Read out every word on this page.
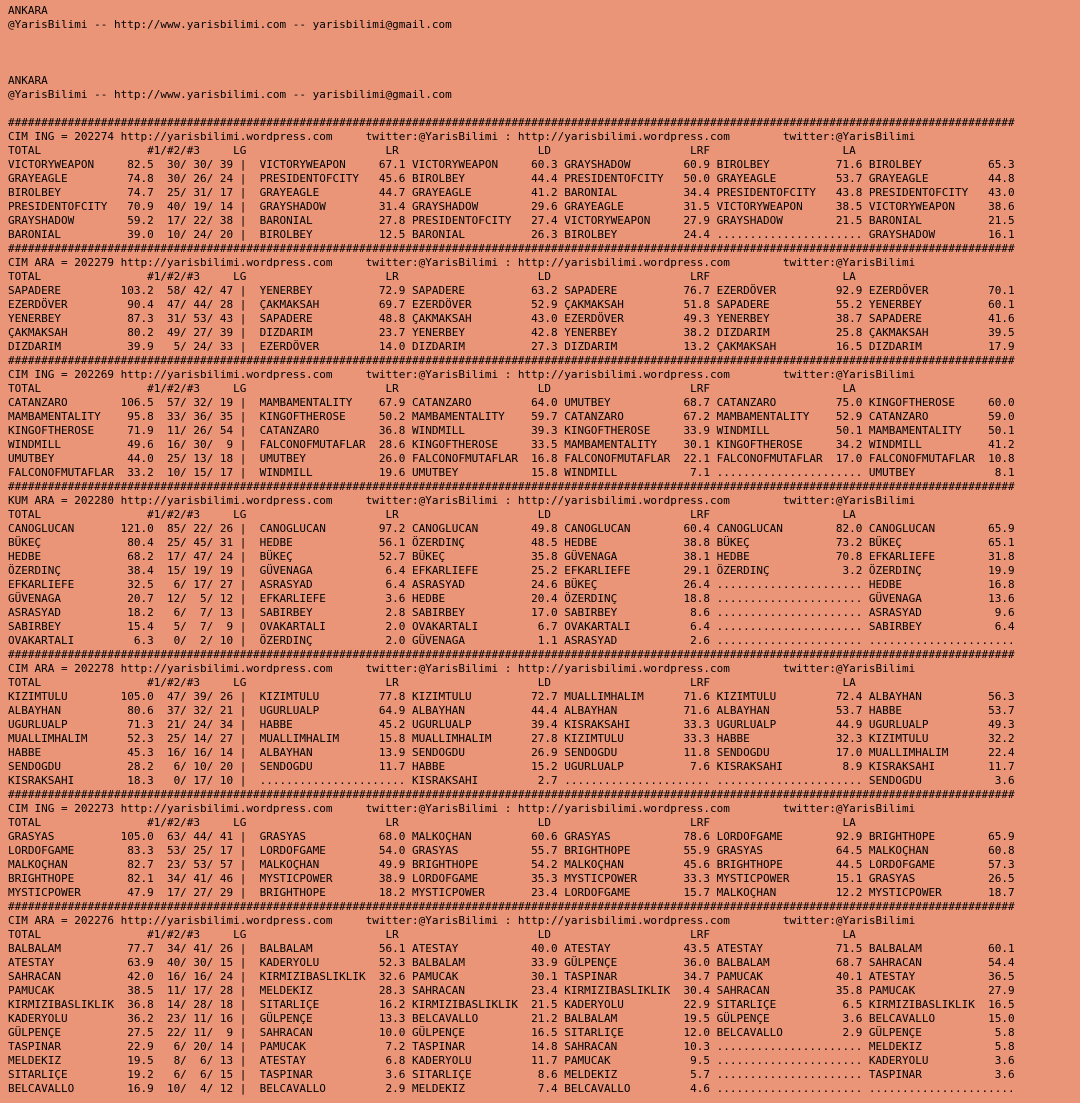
ANKARA
@YarisBilimi -- http://www.yarisbilimi.com -- yarisbilimi@gmail.com
ANKARA
@YarisBilimi -- http://www.yarisbilimi.com -- yarisbilimi@gmail.com
########################################################################################################################################################
CIM ING = 202274 http://yarisbilimi.wordpress.com     twitter:@YarisBilimi : http://yarisbilimi.wordpress.com        twitter:@YarisBilimi
TOTAL                #1/#2/#3     LG                     LR                     LD                     LRF                    LA
VICTORYWEAPON     82.5  30/ 30/ 39 |  VICTORYWEAPON     67.1 VICTORYWEAPON     60.3 GRAYSHADOW        60.9 BIROLBEY          71.6 BIROLBEY          65.3
GRAYEAGLE         74.8  30/ 26/ 24 |  PRESIDENTOFCITY   45.6 BIROLBEY          44.4 PRESIDENTOFCITY   50.0 GRAYEAGLE         53.7 GRAYEAGLE         44.8
BIROLBEY          74.7  25/ 31/ 17 |  GRAYEAGLE         44.7 GRAYEAGLE         41.2 BARONIAL          34.4 PRESIDENTOFCITY   43.8 PRESIDENTOFCITY   43.0
PRESIDENTOFCITY   70.9  40/ 19/ 14 |  GRAYSHADOW        31.4 GRAYSHADOW        29.6 GRAYEAGLE         31.5 VICTORYWEAPON     38.5 VICTORYWEAPON     38.6
GRAYSHADOW        59.2  17/ 22/ 38 |  BARONIAL          27.8 PRESIDENTOFCITY   27.4 VICTORYWEAPON     27.9 GRAYSHADOW        21.5 BARONIAL          21.5
BARONIAL          39.0  10/ 24/ 20 |  BIROLBEY          12.5 BARONIAL          26.3 BIROLBEY          24.4 ...................... GRAYSHADOW        16.1
########################################################################################################################################################
CIM ARA = 202279 http://yarisbilimi.wordpress.com     twitter:@YarisBilimi : http://yarisbilimi.wordpress.com        twitter:@YarisBilimi
TOTAL                #1/#2/#3     LG                     LR                     LD                     LRF                    LA
SAPADERE         103.2  58/ 42/ 47 |  YENERBEY          72.9 SAPADERE          63.2 SAPADERE          76.7 EZERDÖVER         92.9 EZERDÖVER         70.1
EZERDÖVER         90.4  47/ 44/ 28 |  ÇAKMAKSAH         69.7 EZERDÖVER         52.9 ÇAKMAKSAH         51.8 SAPADERE          55.2 YENERBEY          60.1
YENERBEY          87.3  31/ 53/ 43 |  SAPADERE          48.8 ÇAKMAKSAH         43.0 EZERDÖVER         49.3 YENERBEY          38.7 SAPADERE          41.6
ÇAKMAKSAH         80.2  49/ 27/ 39 |  DIZDARIM          23.7 YENERBEY          42.8 YENERBEY          38.2 DIZDARIM          25.8 ÇAKMAKSAH         39.5
DIZDARIM          39.9   5/ 24/ 33 |  EZERDÖVER         14.0 DIZDARIM          27.3 DIZDARIM          13.2 ÇAKMAKSAH         16.5 DIZDARIM          17.9
########################################################################################################################################################
CIM ING = 202269 http://yarisbilimi.wordpress.com     twitter:@YarisBilimi : http://yarisbilimi.wordpress.com        twitter:@YarisBilimi
TOTAL                #1/#2/#3     LG                     LR                     LD                     LRF                    LA
CATANZARO        106.5  57/ 32/ 19 |  MAMBAMENTALITY    67.9 CATANZARO         64.0 UMUTBEY           68.7 CATANZARO         75.0 KINGOFTHEROSE     60.0
MAMBAMENTALITY    95.8  33/ 36/ 35 |  KINGOFTHEROSE     50.2 MAMBAMENTALITY    59.7 CATANZARO         67.2 MAMBAMENTALITY    52.9 CATANZARO         59.0
KINGOFTHEROSE     71.9  11/ 26/ 54 |  CATANZARO         36.8 WINDMILL          39.3 KINGOFTHEROSE     33.9 WINDMILL          50.1 MAMBAMENTALITY    50.1
WINDMILL          49.6  16/ 30/  9 |  FALCONOFMUTAFLAR  28.6 KINGOFTHEROSE     33.5 MAMBAMENTALITY    30.1 KINGOFTHEROSE     34.2 WINDMILL          41.2
UMUTBEY           44.0  25/ 13/ 18 |  UMUTBEY           26.0 FALCONOFMUTAFLAR  16.8 FALCONOFMUTAFLAR  22.1 FALCONOFMUTAFLAR  17.0 FALCONOFMUTAFLAR  10.8
FALCONOFMUTAFLAR  33.2  10/ 15/ 17 |  WINDMILL          19.6 UMUTBEY           15.8 WINDMILL           7.1 ...................... UMUTBEY            8.1
########################################################################################################################################################
KUM ARA = 202280 http://yarisbilimi.wordpress.com     twitter:@YarisBilimi : http://yarisbilimi.wordpress.com        twitter:@YarisBilimi
TOTAL                #1/#2/#3     LG                     LR                     LD                     LRF                    LA
CANOGLUCAN       121.0  85/ 22/ 26 |  CANOGLUCAN        97.2 CANOGLUCAN        49.8 CANOGLUCAN        60.4 CANOGLUCAN        82.0 CANOGLUCAN        65.9
BÜKEÇ             80.4  25/ 45/ 31 |  HEDBE             56.1 ÖZERDINÇ          48.5 HEDBE             38.8 BÜKEÇ             73.2 BÜKEÇ             65.1
HEDBE             68.2  17/ 47/ 24 |  BÜKEÇ             52.7 BÜKEÇ             35.8 GÜVENAGA          38.1 HEDBE             70.8 EFKARLIEFE        31.8
ÖZERDINÇ          38.4  15/ 19/ 19 |  GÜVENAGA           6.4 EFKARLIEFE        25.2 EFKARLIEFE        29.1 ÖZERDINÇ           3.2 ÖZERDINÇ          19.9
EFKARLIEFE        32.5   6/ 17/ 27 |  ASRASYAD           6.4 ASRASYAD          24.6 BÜKEÇ             26.4 ...................... HEDBE             16.8
GÜVENAGA          20.7  12/  5/ 12 |  EFKARLIEFE         3.6 HEDBE             20.4 ÖZERDINÇ          18.8 ...................... GÜVENAGA          13.6
ASRASYAD          18.2   6/  7/ 13 |  SABIRBEY           2.8 SABIRBEY          17.0 SABIRBEY           8.6 ...................... ASRASYAD           9.6
SABIRBEY          15.4   5/  7/  9 |  OVAKARTALI         2.0 OVAKARTALI         6.7 OVAKARTALI         6.4 ...................... SABIRBEY           6.4
OVAKARTALI         6.3   0/  2/ 10 |  ÖZERDINÇ           2.0 GÜVENAGA           1.1 ASRASYAD           2.6 ...................... ......................
########################################################################################################################################################
CIM ARA = 202278 http://yarisbilimi.wordpress.com     twitter:@YarisBilimi : http://yarisbilimi.wordpress.com        twitter:@YarisBilimi
TOTAL                #1/#2/#3     LG                     LR                     LD                     LRF                    LA
KIZIMTULU        105.0  47/ 39/ 26 |  KIZIMTULU         77.8 KIZIMTULU         72.7 MUALLIMHALIM      71.6 KIZIMTULU         72.4 ALBAYHAN          56.3
ALBAYHAN          80.6  37/ 32/ 21 |  UGURLUALP         64.9 ALBAYHAN          44.4 ALBAYHAN          71.6 ALBAYHAN          53.7 HABBE             53.7
UGURLUALP         71.3  21/ 24/ 34 |  HABBE             45.2 UGURLUALP         39.4 KISRAKSAHI        33.3 UGURLUALP         44.9 UGURLUALP         49.3
MUALLIMHALIM      52.3  25/ 14/ 27 |  MUALLIMHALIM      15.8 MUALLIMHALIM      27.8 KIZIMTULU         33.3 HABBE             32.3 KIZIMTULU         32.2
HABBE             45.3  16/ 16/ 14 |  ALBAYHAN          13.9 SENDOGDU          26.9 SENDOGDU          11.8 SENDOGDU          17.0 MUALLIMHALIM      22.4
SENDOGDU          28.2   6/ 10/ 20 |  SENDOGDU          11.7 HABBE             15.2 UGURLUALP          7.6 KISRAKSAHI         8.9 KISRAKSAHI        11.7
KISRAKSAHI        18.3   0/ 17/ 10 |  ...................... KISRAKSAHI         2.7 ...................... ...................... SENDOGDU           3.6
########################################################################################################################################################
CIM ING = 202273 http://yarisbilimi.wordpress.com     twitter:@YarisBilimi : http://yarisbilimi.wordpress.com        twitter:@YarisBilimi
TOTAL                #1/#2/#3     LG                     LR                     LD                     LRF                    LA
GRASYAS          105.0  63/ 44/ 41 |  GRASYAS           68.0 MALKOÇHAN         60.6 GRASYAS           78.6 LORDOFGAME        92.9 BRIGHTHOPE        65.9
LORDOFGAME        83.3  53/ 25/ 17 |  LORDOFGAME        54.0 GRASYAS           55.7 BRIGHTHOPE        55.9 GRASYAS           64.5 MALKOÇHAN         60.8
MALKOÇHAN         82.7  23/ 53/ 57 |  MALKOÇHAN         49.9 BRIGHTHOPE        54.2 MALKOÇHAN         45.6 BRIGHTHOPE        44.5 LORDOFGAME        57.3
BRIGHTHOPE        82.1  34/ 41/ 46 |  MYSTICPOWER       38.9 LORDOFGAME        35.3 MYSTICPOWER       33.3 MYSTICPOWER       15.1 GRASYAS           26.5
MYSTICPOWER       47.9  17/ 27/ 29 |  BRIGHTHOPE        18.2 MYSTICPOWER       23.4 LORDOFGAME        15.7 MALKOÇHAN         12.2 MYSTICPOWER       18.7
########################################################################################################################################################
CIM ARA = 202276 http://yarisbilimi.wordpress.com     twitter:@YarisBilimi : http://yarisbilimi.wordpress.com        twitter:@YarisBilimi
TOTAL                #1/#2/#3     LG                     LR                     LD                     LRF                    LA
BALBALAM          77.7  34/ 41/ 26 |  BALBALAM          56.1 ATESTAY           40.0 ATESTAY           43.5 ATESTAY           71.5 BALBALAM          60.1
ATESTAY           63.9  40/ 30/ 15 |  KADERYOLU         52.3 BALBALAM          33.9 GÜLPENÇE          36.0 BALBALAM          68.7 SAHRACAN          54.4
SAHRACAN          42.0  16/ 16/ 24 |  KIRMIZIBASLIKLIK  32.6 PAMUCAK           30.1 TASPINAR          34.7 PAMUCAK           40.1 ATESTAY           36.5
PAMUCAK           38.5  11/ 17/ 28 |  MELDEKIZ          28.3 SAHRACAN          23.4 KIRMIZIBASLIKLIK  30.4 SAHRACAN          35.8 PAMUCAK           27.9
KIRMIZIBASLIKLIK  36.8  14/ 28/ 18 |  SITARLIÇE         16.2 KIRMIZIBASLIKLIK  21.5 KADERYOLU         22.9 SITARLIÇE          6.5 KIRMIZIBASLIKLIK  16.5
KADERYOLU         36.2  23/ 11/ 16 |  GÜLPENÇE          13.3 BELCAVALLO        21.2 BALBALAM          19.5 GÜLPENÇE           3.6 BELCAVALLO        15.0
GÜLPENÇE          27.5  22/ 11/  9 |  SAHRACAN          10.0 GÜLPENÇE          16.5 SITARLIÇE         12.0 BELCAVALLO         2.9 GÜLPENÇE           5.8
TASPINAR          22.9   6/ 20/ 14 |  PAMUCAK            7.2 TASPINAR          14.8 SAHRACAN          10.3 ...................... MELDEKIZ           5.8
MELDEKIZ          19.5   8/  6/ 13 |  ATESTAY            6.8 KADERYOLU         11.7 PAMUCAK            9.5 ...................... KADERYOLU          3.6
SITARLIÇE         19.2   6/  6/ 15 |  TASPINAR           3.6 SITARLIÇE          8.6 MELDEKIZ           5.7 ...................... TASPINAR           3.6
BELCAVALLO        16.9  10/  4/ 12 |  BELCAVALLO         2.9 MELDEKIZ           7.4 BELCAVALLO         4.6 ...................... ......................
